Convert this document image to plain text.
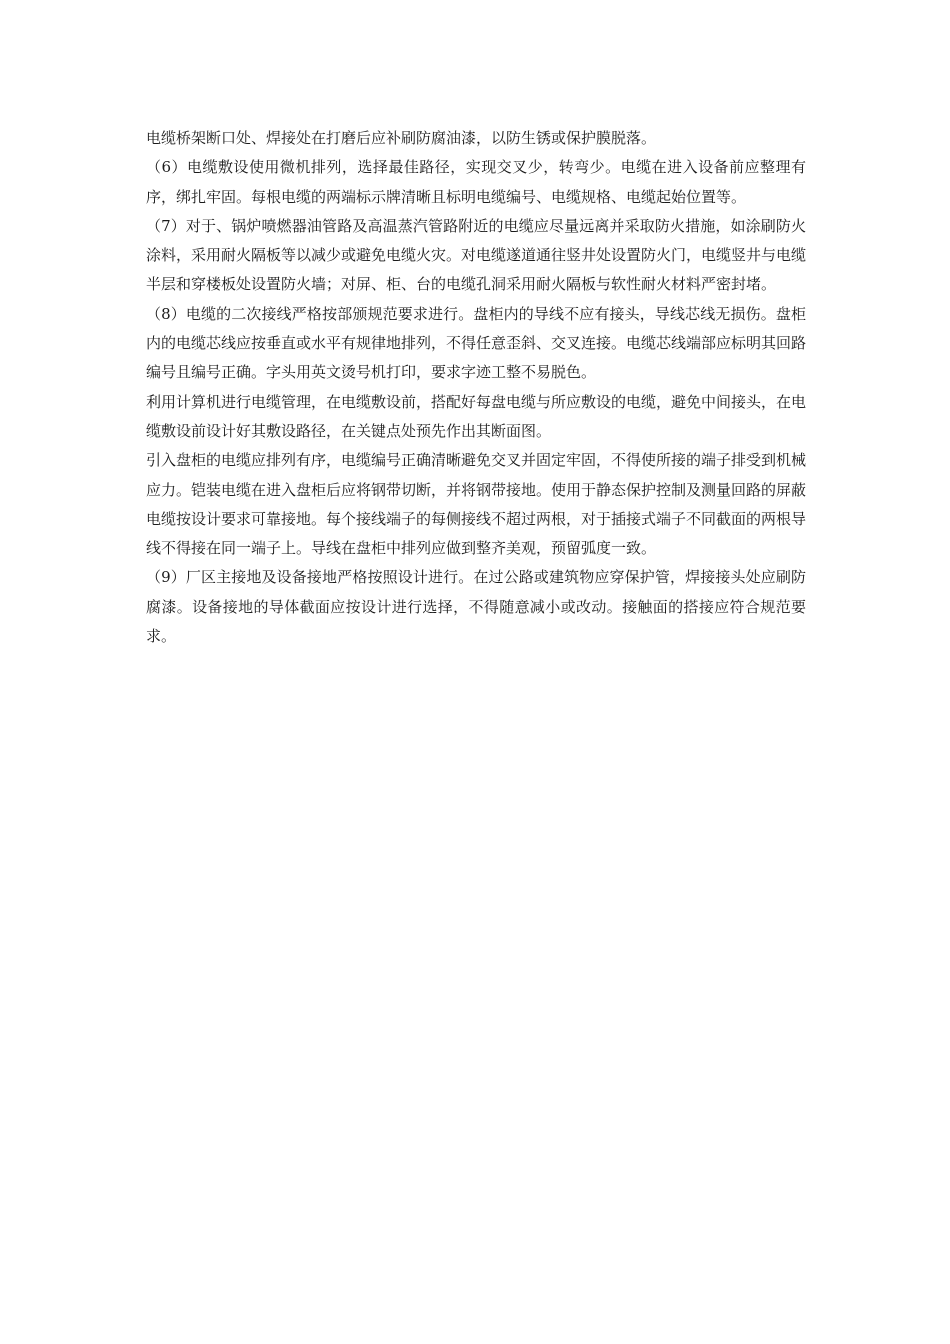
电缆桥架断口处、焊接处在打磨后应补刷防腐油漆，以防生锈或保护膜脱落。

（6）电缆敷设使用微机排列，选择最佳路径，实现交叉少，转弯少。电缆在进入设备前应整理有序，绑扎牢固。每根电缆的两端标示牌清晰且标明电缆编号、电缆规格、电缆起始位置等。

（7）对于、锅炉喷燃器油管路及高温蒸汽管路附近的电缆应尽量远离并采取防火措施，如涂刷防火涂料，采用耐火隔板等以减少或避免电缆火灾。对电缆遂道通往竖井处设置防火门，电缆竖井与电缆半层和穿楼板处设置防火墙；对屏、柜、台的电缆孔洞采用耐火隔板与软性耐火材料严密封堵。

（8）电缆的二次接线严格按部颁规范要求进行。盘柜内的导线不应有接头，导线芯线无损伤。盘柜内的电缆芯线应按垂直或水平有规律地排列，不得任意歪斜、交叉连接。电缆芯线端部应标明其回路编号且编号正确。字头用英文烫号机打印，要求字迹工整不易脱色。

利用计算机进行电缆管理，在电缆敷设前，搭配好每盘电缆与所应敷设的电缆，避免中间接头，在电缆敷设前设计好其敷设路径，在关键点处预先作出其断面图。

引入盘柜的电缆应排列有序，电缆编号正确清晰避免交叉并固定牢固，不得使所接的端子排受到机械应力。铠装电缆在进入盘柜后应将钢带切断，并将钢带接地。使用于静态保护控制及测量回路的屏蔽电缆按设计要求可靠接地。每个接线端子的每侧接线不超过两根，对于插接式端子不同截面的两根导线不得接在同一端子上。导线在盘柜中排列应做到整齐美观，预留弧度一致。

（9）厂区主接地及设备接地严格按照设计进行。在过公路或建筑物应穿保护管，焊接接头处应刷防腐漆。设备接地的导体截面应按设计进行选择，不得随意减小或改动。接触面的搭接应符合规范要求。
